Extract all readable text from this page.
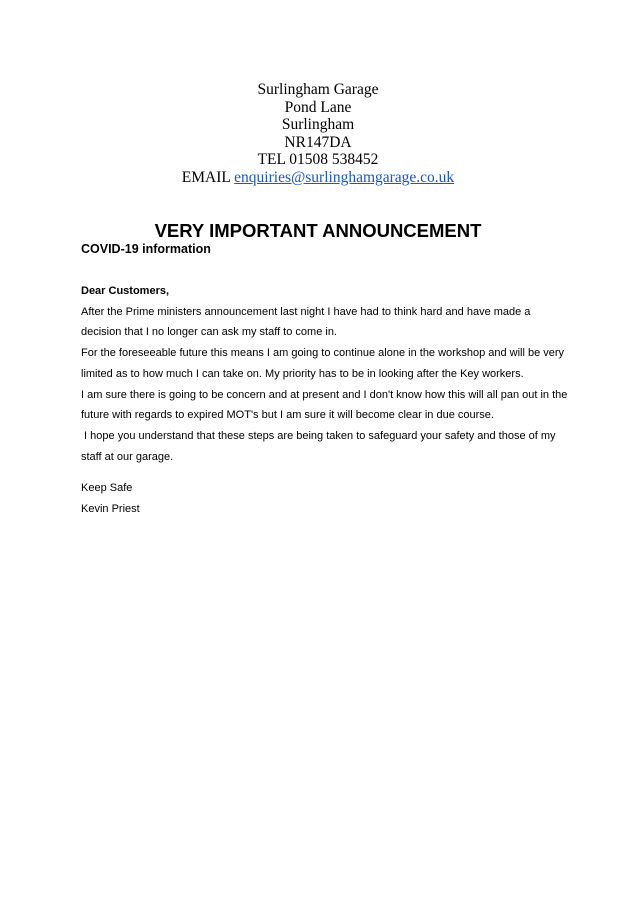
Surlingham Garage
Pond Lane
Surlingham
NR147DA
TEL 01508 538452
EMAIL enquiries@surlinghamgarage.co.uk
VERY IMPORTANT ANNOUNCEMENT
COVID-19 information
Dear Customers,
After the Prime ministers announcement last night I have had to think hard and have made a
decision that I no longer can ask my staff to come in.
For the foreseeable future this means I am going to continue alone in the workshop and will be very
limited as to how much I can take on. My priority has to be in looking after the Key workers.
I am sure there is going to be concern and at present and I don't know how this will all pan out in the
future with regards to expired MOT's but I am sure it will become clear in due course.
I hope you understand that these steps are being taken to safeguard your safety and those of my
staff at our garage.
Keep Safe
Kevin Priest
